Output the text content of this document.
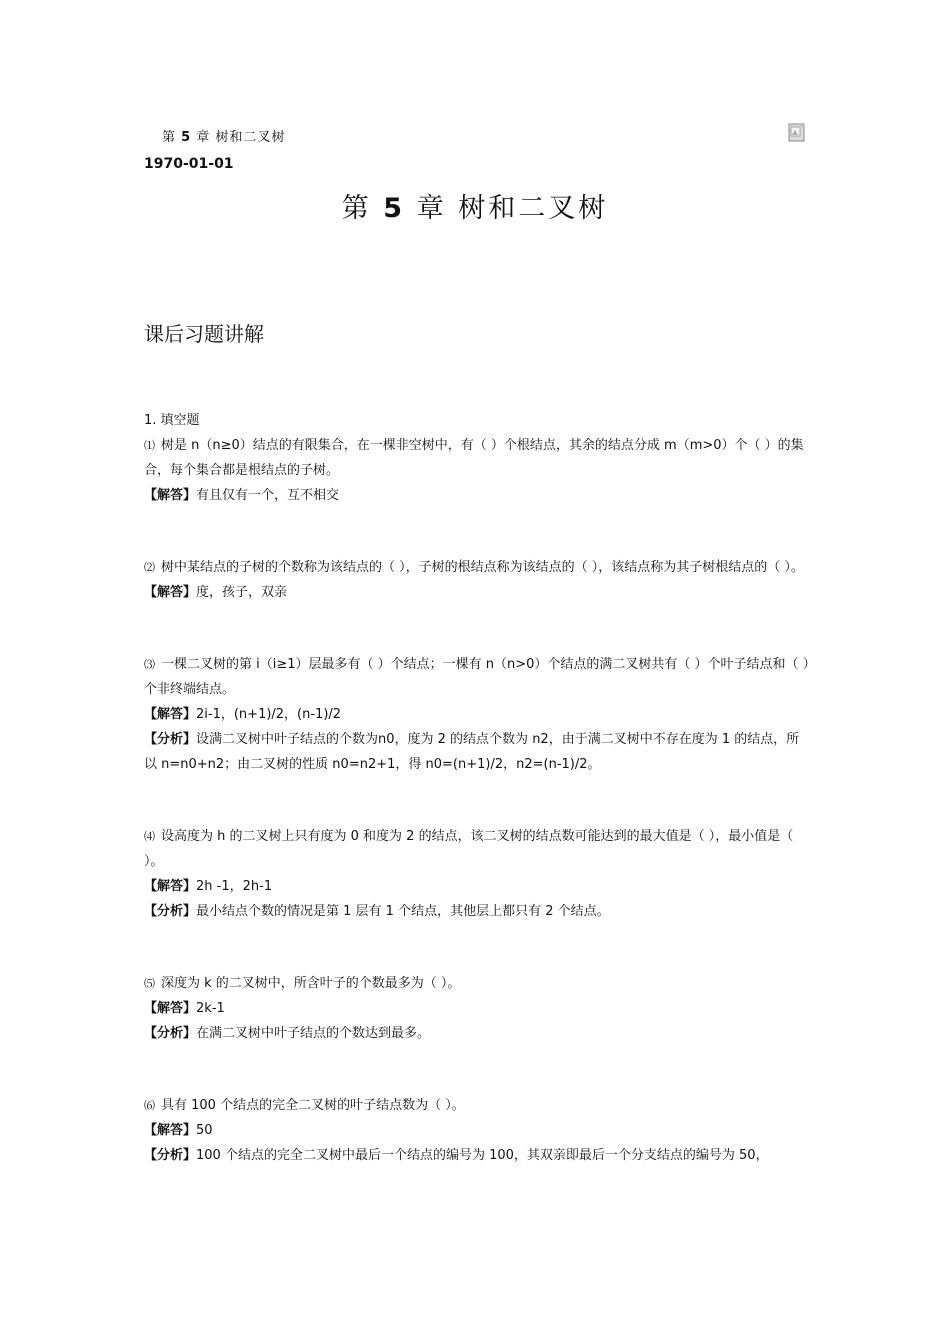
第 5 章 树和二叉树
1970-01-01
第 5 章 树和二叉树
课后习题讲解

1. 填空题

⑴ 树是 n（n≥0）结点的有限集合，在一棵非空树中，有（ ）个根结点，其余的结点分成 m（m>0）个（ ）的集合，每个集合都是根结点的子树。

【解答】有且仅有一个，互不相交

⑵ 树中某结点的子树的个数称为该结点的（ ），子树的根结点称为该结点的（ ），该结点称为其子树根结点的（ ）。

【解答】度，孩子，双亲

⑶ 一棵二叉树的第 i（i≥1）层最多有（ ）个结点；一棵有 n（n>0）个结点的满二叉树共有（ ）个叶子结点和（ ）个非终端结点。

【解答】2i-1，(n+1)/2，(n-1)/2

【分析】设满二叉树中叶子结点的个数为n0，度为 2 的结点个数为 n2，由于满二叉树中不存在度为 1 的结点，所以 n=n0+n2；由二叉树的性质 n0=n2+1，得 n0=(n+1)/2，n2=(n-1)/2。

⑷ 设高度为 h 的二叉树上只有度为 0 和度为 2 的结点，该二叉树的结点数可能达到的最大值是（ ），最小值是（ ）。

【解答】2h -1，2h-1

【分析】最小结点个数的情况是第 1 层有 1 个结点，其他层上都只有 2 个结点。

⑸ 深度为 k 的二叉树中，所含叶子的个数最多为（ ）。

【解答】2k-1

【分析】在满二叉树中叶子结点的个数达到最多。

⑹ 具有 100 个结点的完全二叉树的叶子结点数为（ ）。

【解答】50

【分析】100 个结点的完全二叉树中最后一个结点的编号为 100，其双亲即最后一个分支结点的编号为 50，
